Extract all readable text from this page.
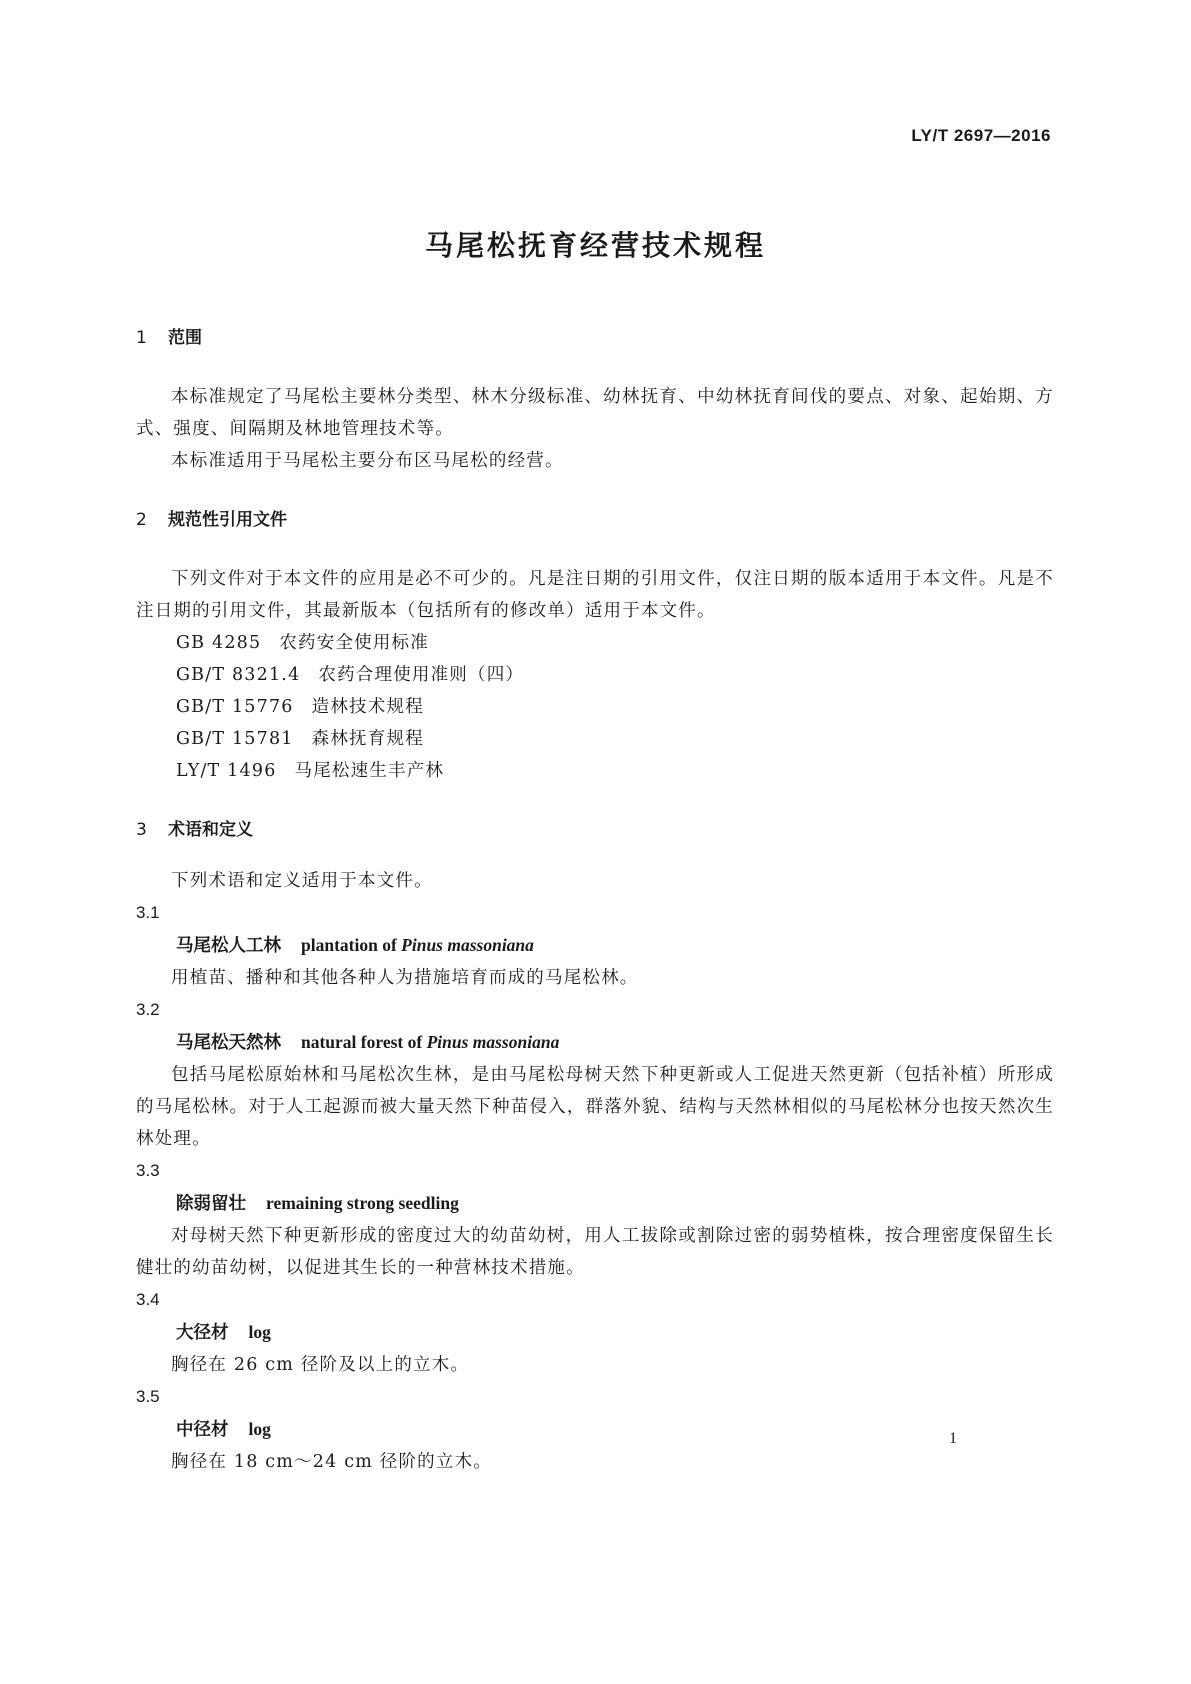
LY/T 2697—2016
马尾松抚育经营技术规程
1 范围

本标准规定了马尾松主要林分类型、林木分级标准、幼林抚育、中幼林抚育间伐的要点、对象、起始期、方式、强度、间隔期及林地管理技术等。

本标准适用于马尾松主要分布区马尾松的经营。

2 规范性引用文件

下列文件对于本文件的应用是必不可少的。凡是注日期的引用文件，仅注日期的版本适用于本文件。凡是不注日期的引用文件，其最新版本（包括所有的修改单）适用于本文件。

GB 4285 农药安全使用标准

GB/T 8321.4 农药合理使用准则（四）

GB/T 15776 造林技术规程

GB/T 15781 森林抚育规程

LY/T 1496 马尾松速生丰产林

3 术语和定义

下列术语和定义适用于本文件。

3.1

马尾松人工林 plantation of Pinus massoniana

用植苗、播种和其他各种人为措施培育而成的马尾松林。

3.2

马尾松天然林 natural forest of Pinus massoniana

包括马尾松原始林和马尾松次生林，是由马尾松母树天然下种更新或人工促进天然更新（包括补植）所形成的马尾松林。对于人工起源而被大量天然下种苗侵入，群落外貌、结构与天然林相似的马尾松林分也按天然次生林处理。

3.3

除弱留壮 remaining strong seedling

对母树天然下种更新形成的密度过大的幼苗幼树，用人工拔除或割除过密的弱势植株，按合理密度保留生长健壮的幼苗幼树，以促进其生长的一种营林技术措施。

3.4

大径材 log

胸径在 26 cm 径阶及以上的立木。

3.5

中径材 log

胸径在 18 cm～24 cm 径阶的立木。

1
